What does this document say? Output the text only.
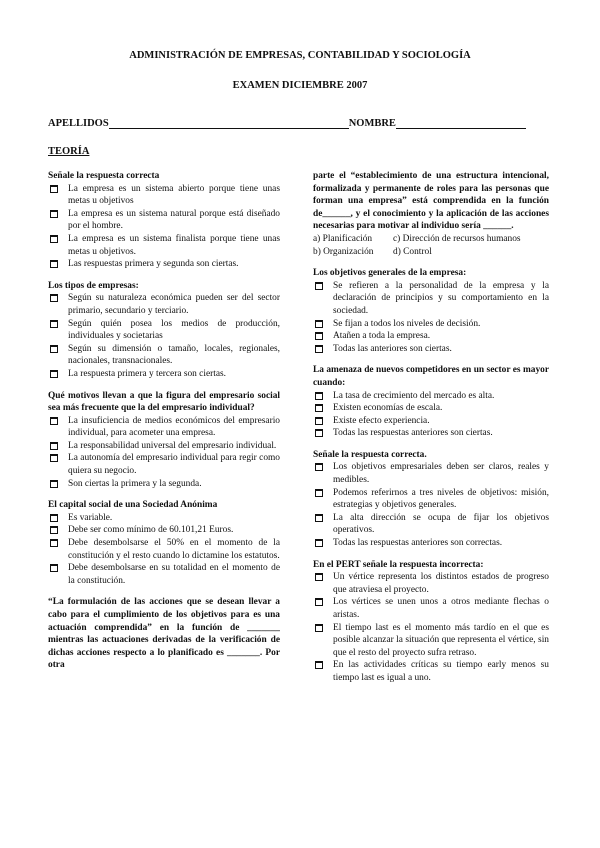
ADMINISTRACIÓN DE EMPRESAS, CONTABILIDAD Y SOCIOLOGÍA
EXAMEN DICIEMBRE 2007
APELLIDOS	NOMBRE
TEORÍA
Señale la respuesta correcta
La empresa es un sistema abierto porque tiene unas metas u objetivos
La empresa es un sistema natural porque está diseñado por el hombre.
La empresa es un sistema finalista porque tiene unas metas u objetivos.
Las respuestas primera y segunda son ciertas.
Los tipos de empresas:
Según su naturaleza económica pueden ser del sector primario, secundario y terciario.
Según quién posea los medios de producción, individuales y societarias
Según su dimensión o tamaño, locales, regionales, nacionales, transnacionales.
La respuesta primera y tercera son ciertas.
Qué motivos llevan a que la figura del empresario social sea más frecuente que la del empresario individual?
La insuficiencia de medios económicos del empresario individual, para acometer una empresa.
La responsabilidad universal del empresario individual.
La autonomía del empresario individual para regir como quiera su negocio.
Son ciertas la primera y la segunda.
El capital social de una Sociedad Anónima
Es variable.
Debe ser como mínimo de 60.101,21 Euros.
Debe desembolsarse el 50% en el momento de la constitución y el resto cuando lo dictamine los estatutos.
Debe desembolsarse en su totalidad en el momento de la constitución.
“La formulación de las acciones que se desean llevar a cabo para el cumplimiento de los objetivos para es una actuación comprendida” en la función de _______ mientras las actuaciones derivadas de la verificación de dichas acciones respecto a lo planificado es _______. Por otra
parte el “establecimiento de una estructura intencional, formalizada y permanente de roles para las personas que forman una empresa” está comprendida en la función de______, y el conocimiento y la aplicación de las acciones necesarias para motivar al individuo sería ______.
a) Planificación	c) Dirección de recursos humanos
b) Organización	d) Control
Los objetivos generales de la empresa:
Se refieren a la personalidad de la empresa y la declaración de principios y su comportamiento en la sociedad.
Se fijan a todos los niveles de decisión.
Atañen a toda la empresa.
Todas las anteriores son ciertas.
La amenaza de nuevos competidores en un sector es mayor cuando:
La tasa de crecimiento del mercado es alta.
Existen economías de escala.
Existe efecto experiencia.
Todas las respuestas anteriores son ciertas.
Señale la respuesta correcta.
Los objetivos empresariales deben ser claros, reales y medibles.
Podemos referirnos a tres niveles de objetivos: misión, estrategias y objetivos generales.
La alta dirección se ocupa de fijar los objetivos operativos.
Todas las respuestas anteriores son correctas.
En el PERT señale la respuesta incorrecta:
Un vértice representa los distintos estados de progreso que atraviesa el proyecto.
Los vértices se unen unos a otros mediante flechas o aristas.
El tiempo last es el momento más tardío en el que es posible alcanzar la situación que representa el vértice, sin que el resto del proyecto sufra retraso.
En las actividades críticas su tiempo early menos su tiempo last es igual a uno.
